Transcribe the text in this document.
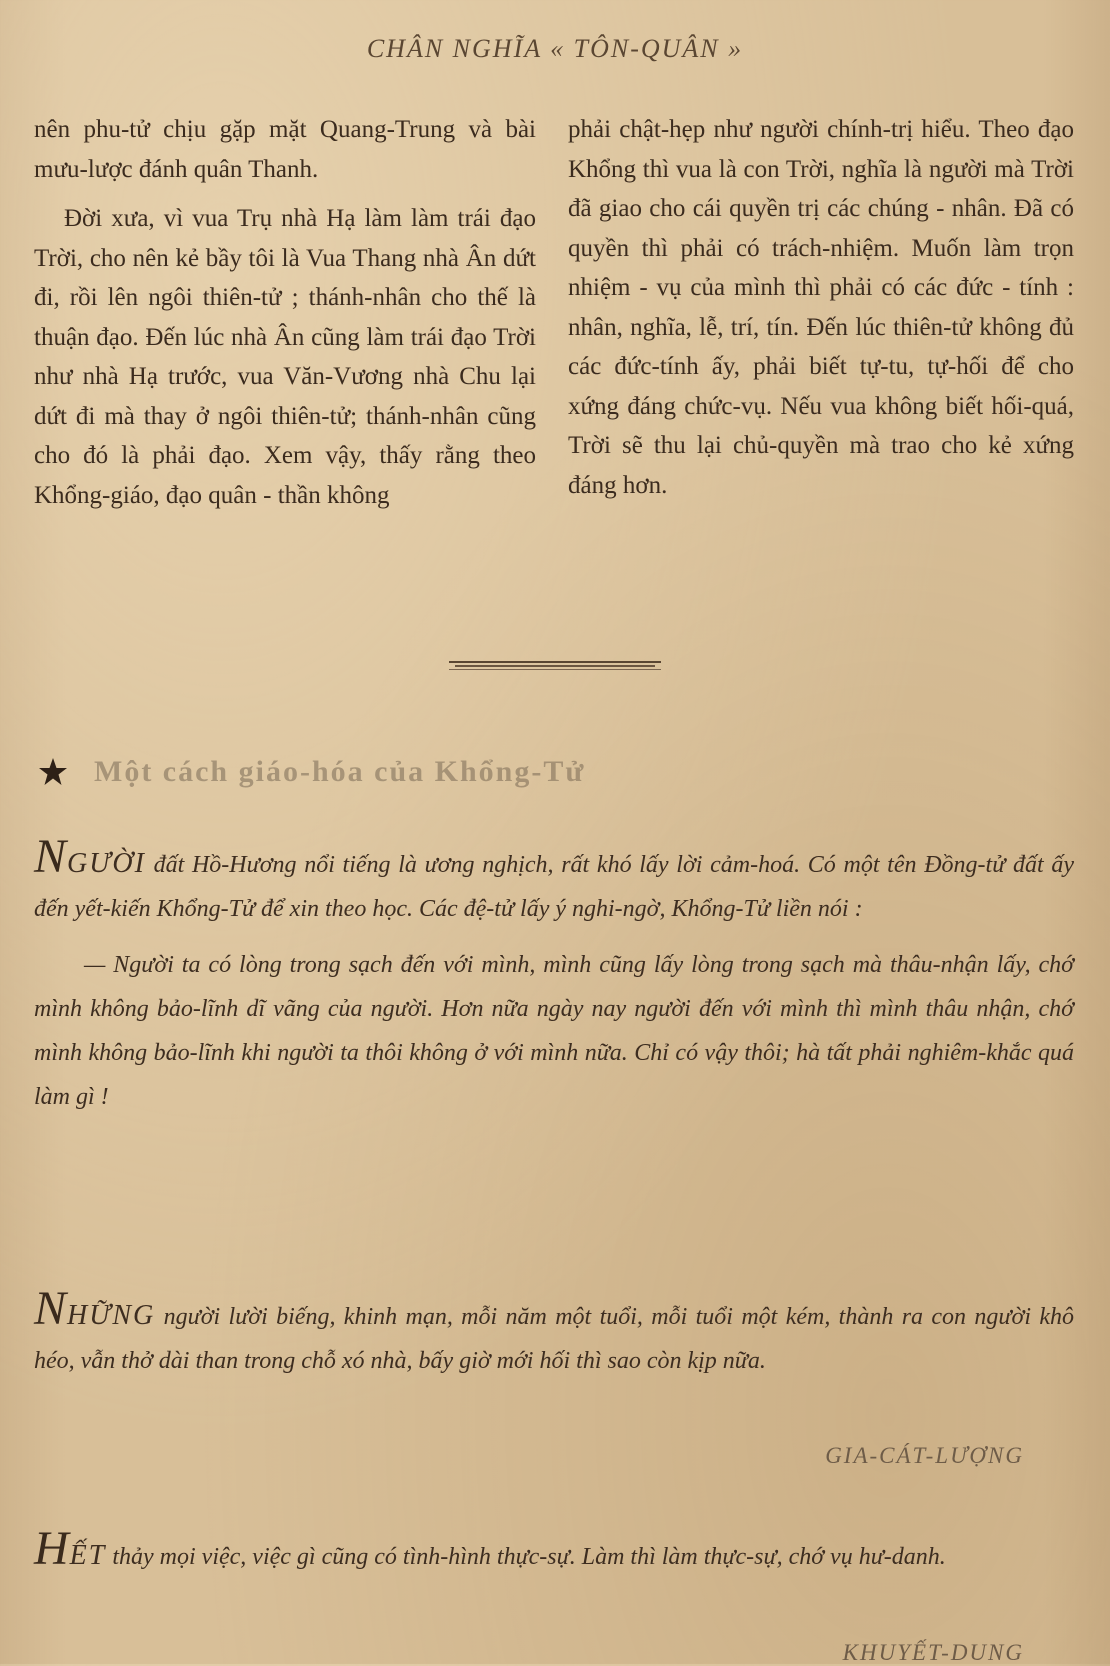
CHÂN NGHĨA « TÔN-QUÂN »

nên phu-tử chịu gặp mặt Quang-Trung và bài mưu-lược đánh quân Thanh.

Đời xưa, vì vua Trụ nhà Hạ làm làm trái đạo Trời, cho nên kẻ bầy tôi là Vua Thang nhà Ân dứt đi, rồi lên ngôi thiên-tử ; thánh-nhân cho thế là thuận đạo. Đến lúc nhà Ân cũng làm trái đạo Trời như nhà Hạ trước, vua Văn-Vương nhà Chu lại dứt đi mà thay ở ngôi thiên-tử; thánh-nhân cũng cho đó là phải đạo. Xem vậy, thấy rằng theo Khổng-giáo, đạo quân - thần không

phải chật-hẹp như người chính-trị hiểu. Theo đạo Khổng thì vua là con Trời, nghĩa là người mà Trời đã giao cho cái quyền trị các chúng - nhân. Đã có quyền thì phải có trách-nhiệm. Muốn làm trọn nhiệm - vụ của mình thì phải có các đức - tính : nhân, nghĩa, lễ, trí, tín. Đến lúc thiên-tử không đủ các đức-tính ấy, phải biết tự-tu, tự-hối để cho xứng đáng chức-vụ. Nếu vua không biết hối-quá, Trời sẽ thu lại chủ-quyền mà trao cho kẻ xứng đáng hơn.

Một cách giáo-hóa của Khổng-Tử

NGƯỜI đất Hồ-Hương nổi tiếng là ương nghịch, rất khó lấy lời cảm-hoá. Có một tên Đồng-tử đất ấy đến yết-kiến Khổng-Tử để xin theo học. Các đệ-tử lấy ý nghi-ngờ, Khổng-Tử liền nói :

— Người ta có lòng trong sạch đến với mình, mình cũng lấy lòng trong sạch mà thâu-nhận lấy, chớ mình không bảo-lĩnh dĩ vãng của người. Hơn nữa ngày nay người đến với mình thì mình thâu nhận, chớ mình không bảo-lĩnh khi người ta thôi không ở với mình nữa. Chỉ có vậy thôi; hà tất phải nghiêm-khắc quá làm gì !

NHỮNG người lười biếng, khinh mạn, mỗi năm một tuổi, mỗi tuổi một kém, thành ra con người khô héo, vẫn thở dài than trong chỗ xó nhà, bấy giờ mới hối thì sao còn kịp nữa.

GIA-CÁT-LƯỢNG

HẾT thảy mọi việc, việc gì cũng có tình-hình thực-sự. Làm thì làm thực-sự, chớ vụ hư-danh.

KHUYẾT-DUNG
